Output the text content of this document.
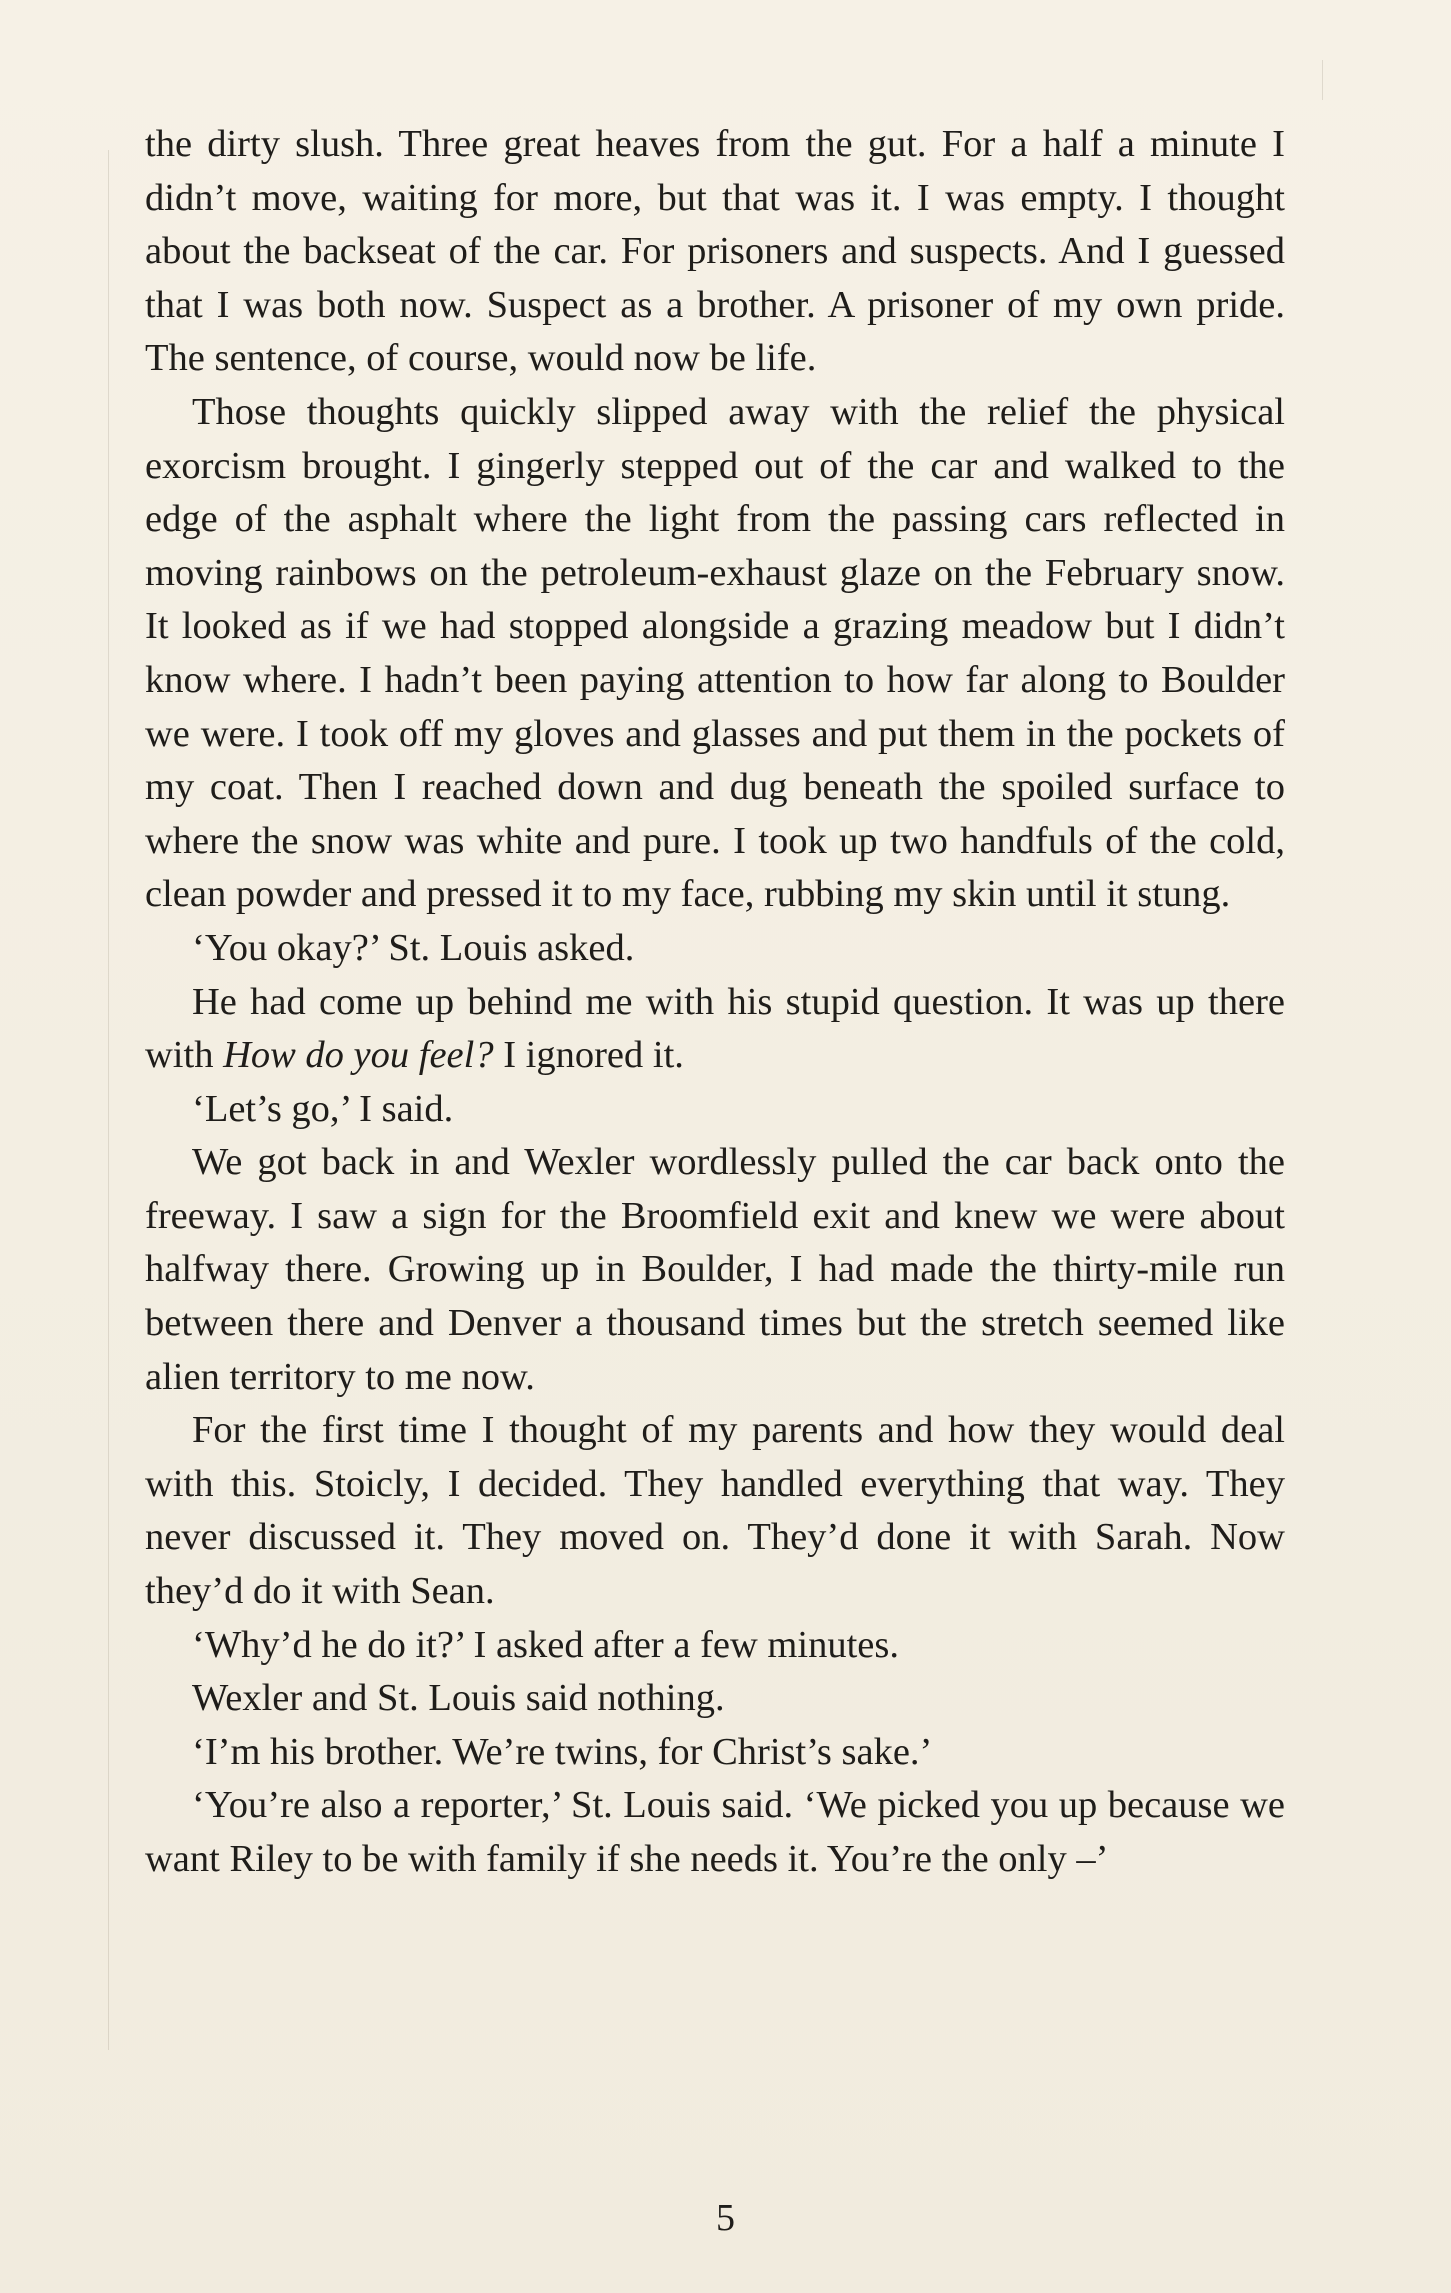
the dirty slush. Three great heaves from the gut. For a half a minute I didn’t move, waiting for more, but that was it. I was empty. I thought about the backseat of the car. For prisoners and suspects. And I guessed that I was both now. Suspect as a brother. A prisoner of my own pride. The sentence, of course, would now be life.

Those thoughts quickly slipped away with the relief the physical exorcism brought. I gingerly stepped out of the car and walked to the edge of the asphalt where the light from the passing cars reflected in moving rainbows on the petroleum-exhaust glaze on the February snow. It looked as if we had stopped alongside a grazing meadow but I didn’t know where. I hadn’t been paying attention to how far along to Boulder we were. I took off my gloves and glasses and put them in the pockets of my coat. Then I reached down and dug beneath the spoiled surface to where the snow was white and pure. I took up two handfuls of the cold, clean powder and pressed it to my face, rubbing my skin until it stung.

‘You okay?’ St. Louis asked.

He had come up behind me with his stupid question. It was up there with How do you feel? I ignored it.

‘Let’s go,’ I said.

We got back in and Wexler wordlessly pulled the car back onto the freeway. I saw a sign for the Broomfield exit and knew we were about halfway there. Growing up in Boulder, I had made the thirty-mile run between there and Denver a thousand times but the stretch seemed like alien territory to me now.

For the first time I thought of my parents and how they would deal with this. Stoicly, I decided. They handled everything that way. They never discussed it. They moved on. They’d done it with Sarah. Now they’d do it with Sean.

‘Why’d he do it?’ I asked after a few minutes.

Wexler and St. Louis said nothing.

‘I’m his brother. We’re twins, for Christ’s sake.’

‘You’re also a reporter,’ St. Louis said. ‘We picked you up because we want Riley to be with family if she needs it. You’re the only –’

5
